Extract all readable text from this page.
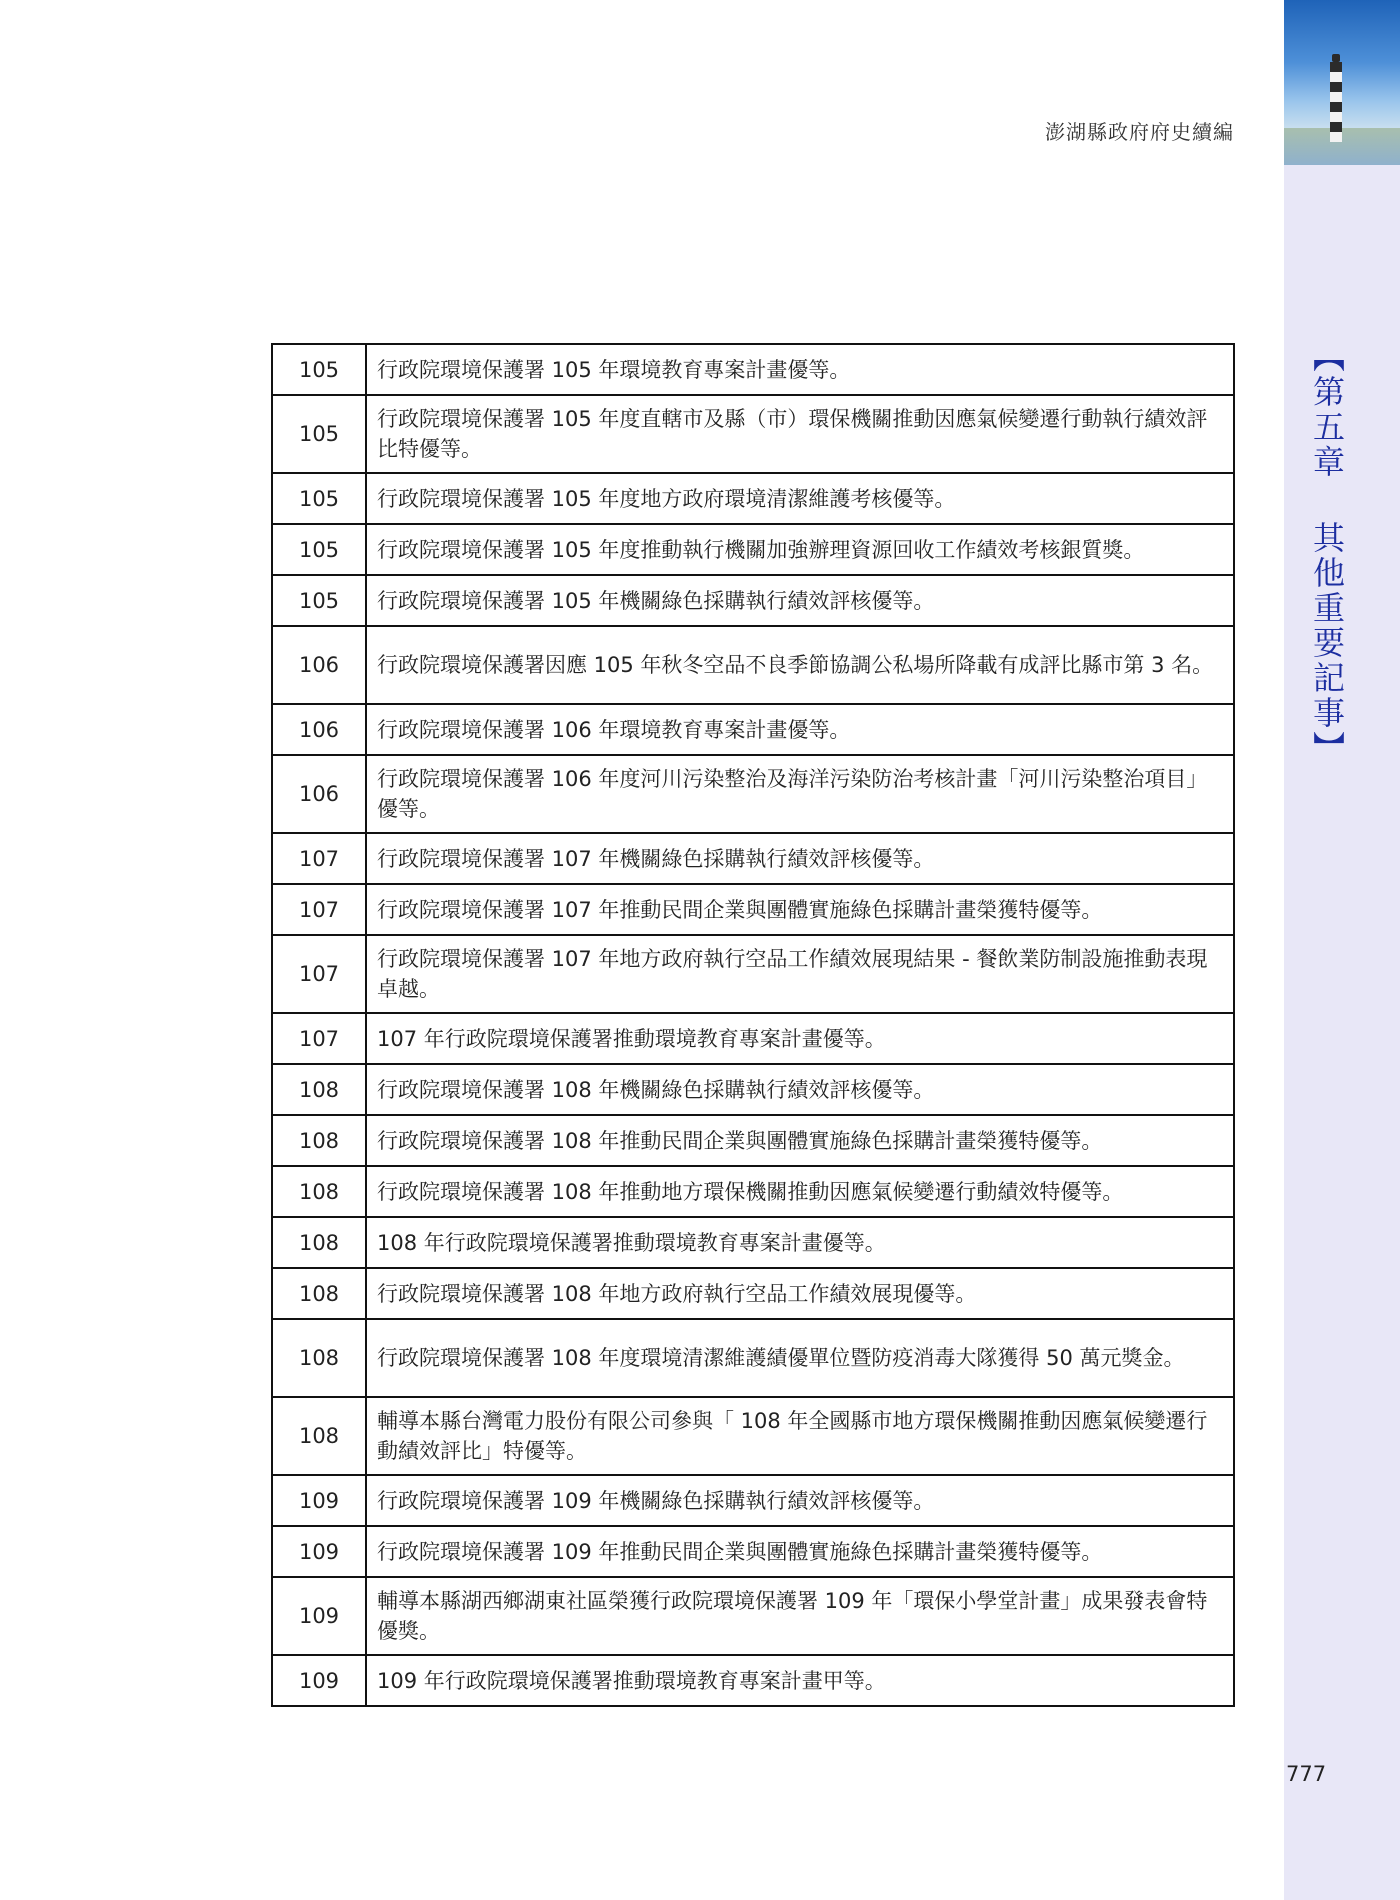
【第五章 其他重要記事】
澎湖縣政府府史續編
105	行政院環境保護署 105 年環境教育專案計畫優等。
105	行政院環境保護署 105 年度直轄市及縣（市）環保機關推動因應氣候變遷行動執行績效評比特優等。
105	行政院環境保護署 105 年度地方政府環境清潔維護考核優等。
105	行政院環境保護署 105 年度推動執行機關加強辦理資源回收工作績效考核銀質獎。
105	行政院環境保護署 105 年機關綠色採購執行績效評核優等。
106	行政院環境保護署因應 105 年秋冬空品不良季節協調公私場所降載有成評比縣市第 3 名。
106	行政院環境保護署 106 年環境教育專案計畫優等。
106	行政院環境保護署 106 年度河川污染整治及海洋污染防治考核計畫「河川污染整治項目」優等。
107	行政院環境保護署 107 年機關綠色採購執行績效評核優等。
107	行政院環境保護署 107 年推動民間企業與團體實施綠色採購計畫榮獲特優等。
107	行政院環境保護署 107 年地方政府執行空品工作績效展現結果 - 餐飲業防制設施推動表現卓越。
107	107 年行政院環境保護署推動環境教育專案計畫優等。
108	行政院環境保護署 108 年機關綠色採購執行績效評核優等。
108	行政院環境保護署 108 年推動民間企業與團體實施綠色採購計畫榮獲特優等。
108	行政院環境保護署 108 年推動地方環保機關推動因應氣候變遷行動績效特優等。
108	108 年行政院環境保護署推動環境教育專案計畫優等。
108	行政院環境保護署 108 年地方政府執行空品工作績效展現優等。
108	行政院環境保護署 108 年度環境清潔維護績優單位暨防疫消毒大隊獲得 50 萬元獎金。
108	輔導本縣台灣電力股份有限公司參與「 108 年全國縣市地方環保機關推動因應氣候變遷行 動績效評比」特優等。
109	行政院環境保護署 109 年機關綠色採購執行績效評核優等。
109	行政院環境保護署 109 年推動民間企業與團體實施綠色採購計畫榮獲特優等。
109	輔導本縣湖西鄉湖東社區榮獲行政院環境保護署 109 年「環保小學堂計畫」成果發表會特優獎。
109	109 年行政院環境保護署推動環境教育專案計畫甲等。
777
